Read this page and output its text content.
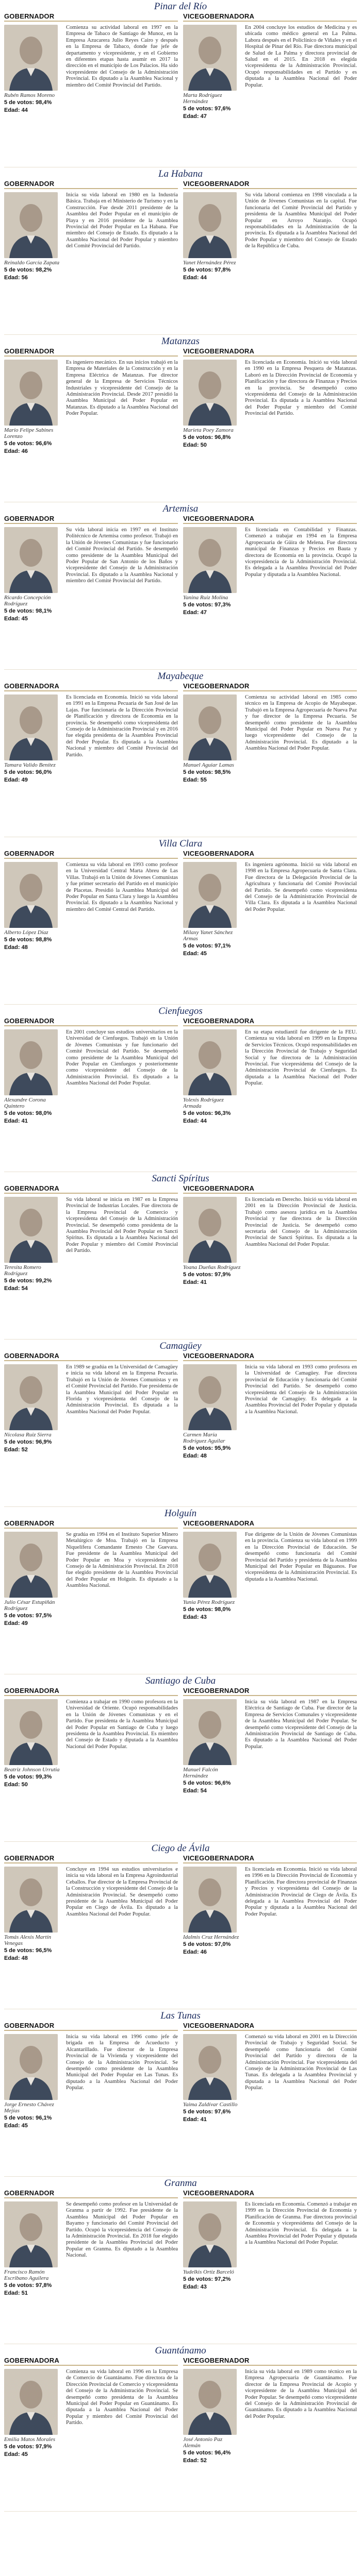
Pinar del Río
GOBERNADOR
Rubén Ramos Moreno
5 de votos: 98,4%
Edad: 44
Comienza su actividad laboral en 1997 en la Empresa de Tabaco de Santiago de Munoz, en la Empresa Azucarera Julio Reyes Cairo y después en la Empresa de Tabaco, donde fue jefe de departamento y vicepresidente, y en el Gobierno en diferentes etapas hasta asumir en 2017 la dirección en el municipio de Los Palacios. Ha sido vicepresidente del Consejo de la Administración Provincial. Es diputado a la Asamblea Nacional y miembro del Comité Provincial del Partido.
VICEGOBERNADORA
Marta Rodríguez Hernández
5 de votos: 97,6%
Edad: 47
En 2004 concluye los estudios de Medicina y es ubicada como médico general en La Palma. Labora después en el Policlínico de Viñales y en el Hospital de Pinar del Río. Fue directora municipal de Salud de La Palma y directora provincial de Salud en el 2015. En 2018 es elegida vicepresidenta de la Administración Provincial. Ocupó responsabilidades en el Partido y es diputada a la Asamblea Nacional del Poder Popular.
La Habana
GOBERNADOR
Reinaldo García Zapata
5 de votos: 98,2%
Edad: 56
Inicia su vida laboral en 1980 en la Industria Básica. Trabaja en el Ministerio de Turismo y en la Construcción. Fue desde 2011 presidente de la Asamblea del Poder Popular en el municipio de Playa y en 2016 presidente de la Asamblea Provincial del Poder Popular en La Habana. Fue miembro del Consejo de Estado. Es diputado a la Asamblea Nacional del Poder Popular y miembro del Comité Provincial del Partido.
VICEGOBERNADOR
Yanet Hernández Pérez
5 de votos: 97,8%
Edad: 44
Su vida laboral comienza en 1998 vinculada a la Unión de Jóvenes Comunistas en la capital. Fue funcionaria del Comité Provincial del Partido y presidenta de la Asamblea Municipal del Poder Popular en Arroyo Naranjo. Ocupó responsabilidades en la Administración de la provincia. Es diputada a la Asamblea Nacional del Poder Popular y miembro del Consejo de Estado de la República de Cuba.
Matanzas
GOBERNADOR
Mario Felipe Sabines Lorenzo
5 de votos: 96,6%
Edad: 46
Es ingeniero mecánico. En sus inicios trabajó en la Empresa de Materiales de la Construcción y en la Empresa Eléctrica de Matanzas. Fue director general de la Empresa de Servicios Técnicos Industriales y vicepresidente del Consejo de la Administración Provincial. Desde 2017 presidió la Asamblea Municipal del Poder Popular en Matanzas. Es diputado a la Asamblea Nacional del Poder Popular.
VICEGOBERNADORA
Marieta Poey Zamora
5 de votos: 96,8%
Edad: 50
Es licenciada en Economía. Inició su vida laboral en 1990 en la Empresa Pesquera de Matanzas. Laboró en la Dirección Provincial de Economía y Planificación y fue directora de Finanzas y Precios en la provincia. Se desempeñó como vicepresidenta del Consejo de la Administración Provincial. Es diputada a la Asamblea Nacional del Poder Popular y miembro del Comité Provincial del Partido.
Artemisa
GOBERNADOR
Ricardo Concepción Rodríguez
5 de votos: 98,1%
Edad: 45
Su vida laboral inicia en 1997 en el Instituto Politécnico de Artemisa como profesor. Trabajó en la Unión de Jóvenes Comunistas y fue funcionario del Comité Provincial del Partido. Se desempeñó como presidente de la Asamblea Municipal del Poder Popular de San Antonio de los Baños y vicepresidente del Consejo de la Administración Provincial. Es diputado a la Asamblea Nacional y miembro del Comité Provincial del Partido.
VICEGOBERNADORA
Yanina Ruiz Molina
5 de votos: 97,3%
Edad: 47
Es licenciada en Contabilidad y Finanzas. Comenzó a trabajar en 1994 en la Empresa Agropecuaria de Güira de Melena. Fue directora municipal de Finanzas y Precios en Bauta y directora de Economía en la provincia. Ocupó la vicepresidencia de la Administración Provincial. Es delegada a la Asamblea Provincial del Poder Popular y diputada a la Asamblea Nacional.
Mayabeque
GOBERNADORA
Tamara Valido Benítez
5 de votos: 96,0%
Edad: 49
Es licenciada en Economía. Inició su vida laboral en 1991 en la Empresa Pecuaria de San José de las Lajas. Fue funcionaria de la Dirección Provincial de Planificación y directora de Economía en la provincia. Se desempeñó como vicepresidenta del Consejo de la Administración Provincial y en 2016 fue elegida presidenta de la Asamblea Provincial del Poder Popular. Es diputada a la Asamblea Nacional y miembro del Comité Provincial del Partido.
VICEGOBERNADOR
Manuel Aguiar Lamas
5 de votos: 98,5%
Edad: 55
Comienza su actividad laboral en 1985 como técnico en la Empresa de Acopio de Mayabeque. Trabajó en la Empresa Agropecuaria de Nueva Paz y fue director de la Empresa Pecuaria. Se desempeñó como presidente de la Asamblea Municipal del Poder Popular en Nueva Paz y luego vicepresidente del Consejo de la Administración Provincial. Es diputado a la Asamblea Nacional del Poder Popular.
Villa Clara
GOBERNADOR
Alberto López Díaz
5 de votos: 98,8%
Edad: 48
Comienza su vida laboral en 1993 como profesor en la Universidad Central Marta Abreu de Las Villas. Trabajó en la Unión de Jóvenes Comunistas y fue primer secretario del Partido en el municipio de Placetas. Presidió la Asamblea Municipal del Poder Popular en Santa Clara y luego la Asamblea Provincial. Es diputado a la Asamblea Nacional y miembro del Comité Central del Partido.
VICEGOBERNADORA
Milaxy Yanet Sánchez Armas
5 de votos: 97,1%
Edad: 45
Es ingeniera agrónoma. Inició su vida laboral en 1998 en la Empresa Agropecuaria de Santa Clara. Fue directora de la Delegación Provincial de la Agricultura y funcionaria del Comité Provincial del Partido. Se desempeñó como vicepresidenta del Consejo de la Administración Provincial de Villa Clara. Es diputada a la Asamblea Nacional del Poder Popular.
Cienfuegos
GOBERNADOR
Alexandre Corona Quintero
5 de votos: 98,0%
Edad: 41
En 2001 concluye sus estudios universitarios en la Universidad de Cienfuegos. Trabajó en la Unión de Jóvenes Comunistas y fue funcionario del Comité Provincial del Partido. Se desempeñó como presidente de la Asamblea Municipal del Poder Popular en Cienfuegos y posteriormente como vicepresidente del Consejo de la Administración Provincial. Es diputado a la Asamblea Nacional del Poder Popular.
VICEGOBERNADORA
Yolexis Rodríguez Armada
5 de votos: 96,3%
Edad: 44
En su etapa estudiantil fue dirigente de la FEU. Comienza su vida laboral en 1999 en la Empresa de Servicios Técnicos. Ocupó responsabilidades en la Dirección Provincial de Trabajo y Seguridad Social y fue directora de la Administración Provincial. Fue vicepresidenta del Consejo de la Administración Provincial de Cienfuegos. Es diputada a la Asamblea Nacional del Poder Popular.
Sancti Spíritus
GOBERNADORA
Teresita Romero Rodríguez
5 de votos: 99,2%
Edad: 54
Su vida laboral se inicia en 1987 en la Empresa Provincial de Industrias Locales. Fue directora de la Empresa Provincial de Comercio y vicepresidenta del Consejo de la Administración Provincial. Se desempeñó como presidenta de la Asamblea Provincial del Poder Popular en Sancti Spíritus. Es diputada a la Asamblea Nacional del Poder Popular y miembro del Comité Provincial del Partido.
VICEGOBERNADORA
Yoana Dueñas Rodríguez
5 de votos: 97,9%
Edad: 41
Es licenciada en Derecho. Inició su vida laboral en 2001 en la Dirección Provincial de Justicia. Trabajó como asesora jurídica en la Asamblea Provincial y fue directora de la Dirección Provincial de Justicia. Se desempeñó como secretaria del Consejo de la Administración Provincial de Sancti Spíritus. Es diputada a la Asamblea Nacional del Poder Popular.
Camagüey
GOBERNADORA
Nicolasa Ruiz Sierra
5 de votos: 96,9%
Edad: 52
En 1989 se gradúa en la Universidad de Camagüey e inicia su vida laboral en la Empresa Pecuaria. Trabajó en la Unión de Jóvenes Comunistas y en el Comité Provincial del Partido. Fue presidenta de la Asamblea Municipal del Poder Popular en Florida y vicepresidenta del Consejo de la Administración Provincial. Es diputada a la Asamblea Nacional del Poder Popular.
VICEGOBERNADORA
Carmen María Rodríguez Aguilar
5 de votos: 95,9%
Edad: 48
Inicia su vida laboral en 1993 como profesora en la Universidad de Camagüey. Fue directora provincial de Educación y funcionaria del Comité Provincial del Partido. Se desempeñó como vicepresidenta del Consejo de la Administración Provincial de Camagüey. Es delegada a la Asamblea Provincial del Poder Popular y diputada a la Asamblea Nacional.
Holguín
GOBERNADOR
Julio César Estupiñán Rodríguez
5 de votos: 97,5%
Edad: 49
Se gradúa en 1994 en el Instituto Superior Minero Metalúrgico de Moa. Trabajó en la Empresa Niquelífera Comandante Ernesto Che Guevara. Fue presidente de la Asamblea Municipal del Poder Popular en Moa y vicepresidente del Consejo de la Administración Provincial. En 2018 fue elegido presidente de la Asamblea Provincial del Poder Popular en Holguín. Es diputado a la Asamblea Nacional.
VICEGOBERNADORA
Yunia Pérez Rodríguez
5 de votos: 98,0%
Edad: 43
Fue dirigente de la Unión de Jóvenes Comunistas en la provincia. Comienza su vida laboral en 1999 en la Dirección Provincial de Educación. Se desempeñó como funcionaria del Comité Provincial del Partido y presidenta de la Asamblea Municipal del Poder Popular en Báguanos. Fue vicepresidenta de la Administración Provincial. Es diputada a la Asamblea Nacional.
Santiago de Cuba
GOBERNADORA
Beatriz Johnson Urrutia
5 de votos: 99,3%
Edad: 50
Comienza a trabajar en 1990 como profesora en la Universidad de Oriente. Ocupó responsabilidades en la Unión de Jóvenes Comunistas y en el Partido. Fue presidenta de la Asamblea Municipal del Poder Popular en Santiago de Cuba y luego presidenta de la Asamblea Provincial. Es miembro del Consejo de Estado y diputada a la Asamblea Nacional del Poder Popular.
VICEGOBERNADOR
Manuel Falcón Hernández
5 de votos: 96,6%
Edad: 54
Inicia su vida laboral en 1987 en la Empresa Eléctrica de Santiago de Cuba. Fue director de la Empresa de Servicios Comunales y vicepresidente de la Asamblea Municipal del Poder Popular. Se desempeñó como vicepresidente del Consejo de la Administración Provincial de Santiago de Cuba. Es diputado a la Asamblea Nacional del Poder Popular.
Ciego de Ávila
GOBERNADOR
Tomás Alexis Martín Venegas
5 de votos: 96,5%
Edad: 48
Concluye en 1994 sus estudios universitarios e inicia su vida laboral en la Empresa Agroindustrial Ceballos. Fue director de la Empresa Provincial de la Construcción y vicepresidente del Consejo de la Administración Provincial. Se desempeñó como presidente de la Asamblea Municipal del Poder Popular en Ciego de Ávila. Es diputado a la Asamblea Nacional del Poder Popular.
VICEGOBERNADORA
Idalmis Cruz Hernández
5 de votos: 97,0%
Edad: 46
Es licenciada en Economía. Inició su vida laboral en 1996 en la Dirección Provincial de Economía y Planificación. Fue directora provincial de Finanzas y Precios y vicepresidenta del Consejo de la Administración Provincial de Ciego de Ávila. Es delegada a la Asamblea Provincial del Poder Popular y diputada a la Asamblea Nacional del Poder Popular.
Las Tunas
GOBERNADOR
Jorge Ernesto Chávez Mejías
5 de votos: 96,1%
Edad: 45
Inicia su vida laboral en 1996 como jefe de brigada en la Empresa de Acueducto y Alcantarillado. Fue director de la Empresa Provincial de la Vivienda y vicepresidente del Consejo de la Administración Provincial. Se desempeñó como presidente de la Asamblea Municipal del Poder Popular en Las Tunas. Es diputado a la Asamblea Nacional del Poder Popular.
VICEGOBERNADORA
Yaima Zaldívar Castillo
5 de votos: 97,6%
Edad: 41
Comenzó su vida laboral en 2001 en la Dirección Provincial de Trabajo y Seguridad Social. Se desempeñó como funcionaria del Comité Provincial del Partido y directora de la Administración Provincial. Fue vicepresidenta del Consejo de la Administración Provincial de Las Tunas. Es delegada a la Asamblea Provincial y diputada a la Asamblea Nacional del Poder Popular.
Granma
GOBERNADOR
Francisco Ramón Escribano Aguilera
5 de votos: 97,8%
Edad: 51
Se desempeñó como profesor en la Universidad de Granma a partir de 1992. Fue presidente de la Asamblea Municipal del Poder Popular en Bayamo y funcionario del Comité Provincial del Partido. Ocupó la vicepresidencia del Consejo de la Administración Provincial. En 2018 fue elegido presidente de la Asamblea Provincial del Poder Popular en Granma. Es diputado a la Asamblea Nacional.
VICEGOBERNADORA
Yudelkis Ortiz Barceló
5 de votos: 97,2%
Edad: 43
Es licenciada en Economía. Comenzó a trabajar en 1999 en la Dirección Provincial de Economía y Planificación de Granma. Fue directora provincial de Economía y vicepresidenta del Consejo de la Administración Provincial. Es delegada a la Asamblea Provincial del Poder Popular y diputada a la Asamblea Nacional del Poder Popular.
Guantánamo
GOBERNADORA
Emilia Matos Morales
5 de votos: 97,9%
Edad: 45
Comienza su vida laboral en 1996 en la Empresa de Comercio de Guantánamo. Fue directora de la Dirección Provincial de Comercio y vicepresidenta del Consejo de la Administración Provincial. Se desempeñó como presidenta de la Asamblea Municipal del Poder Popular en Guantánamo. Es diputada a la Asamblea Nacional del Poder Popular y miembro del Comité Provincial del Partido.
VICEGOBERNADOR
José Antonio Paz Alemán
5 de votos: 96,4%
Edad: 52
Inicia su vida laboral en 1989 como técnico en la Empresa Agropecuaria de Guantánamo. Fue director de la Empresa Provincial de Acopio y vicepresidente de la Asamblea Municipal del Poder Popular. Se desempeñó como vicepresidente del Consejo de la Administración Provincial de Guantánamo. Es diputado a la Asamblea Nacional del Poder Popular.
